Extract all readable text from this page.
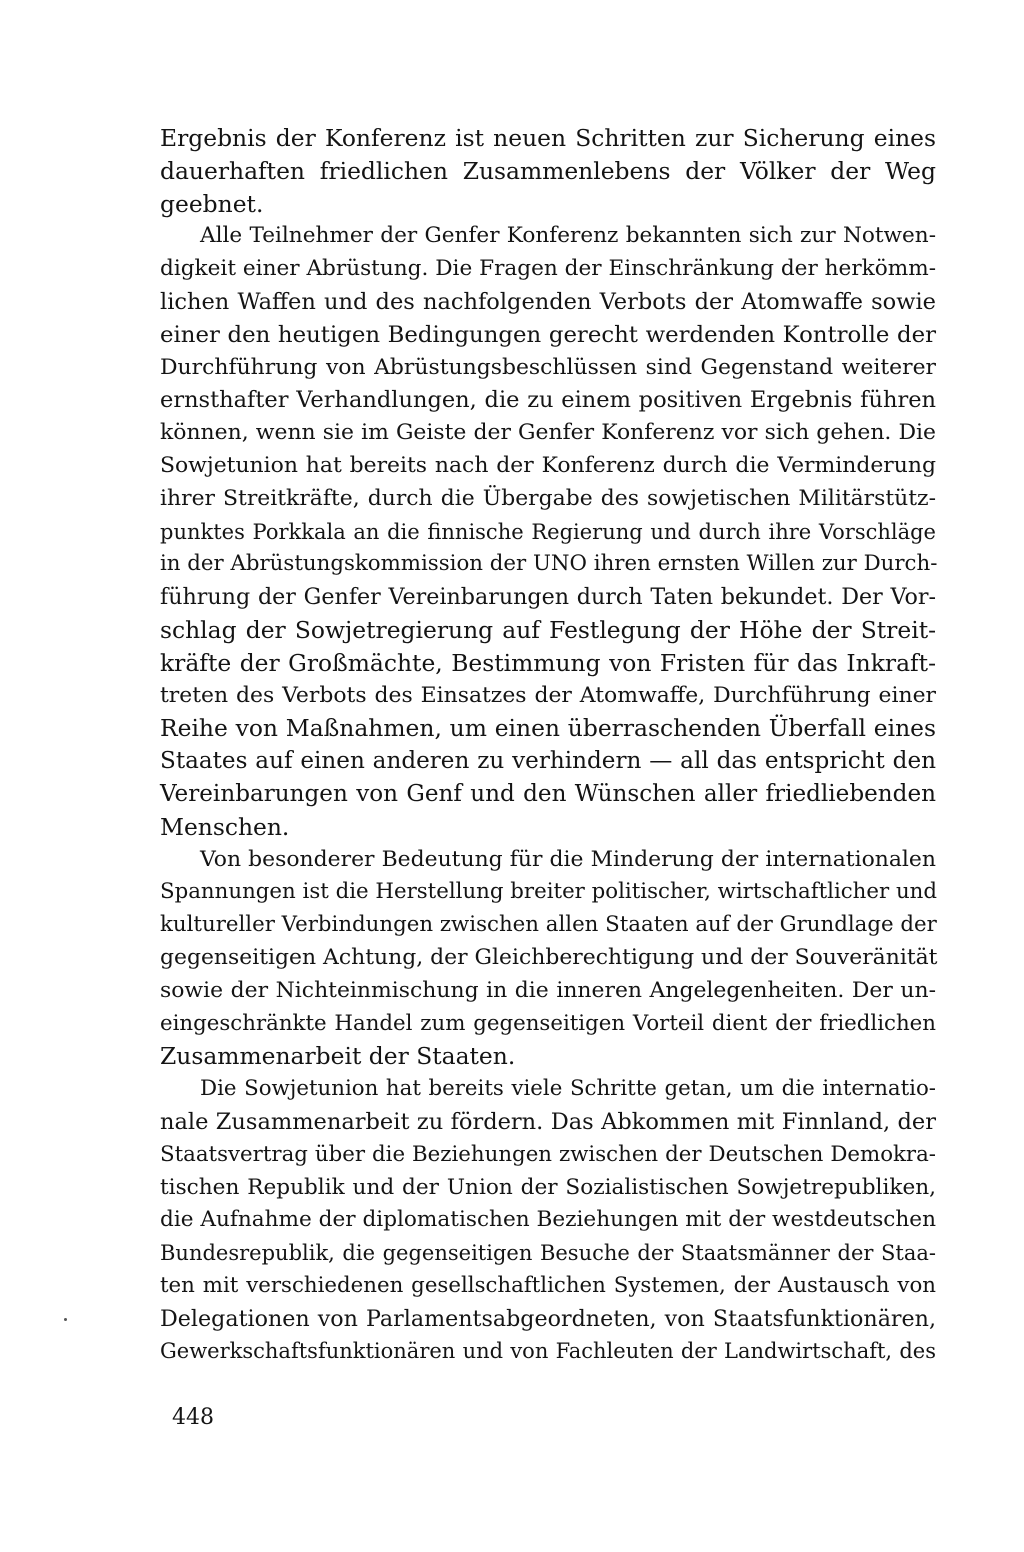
Ergebnis der Konferenz ist neuen Schritten zur Sicherung eines
dauerhaften friedlichen Zusammenlebens der Völker der Weg
geebnet.
Alle Teilnehmer der Genfer Konferenz bekannten sich zur Notwen-
digkeit einer Abrüstung. Die Fragen der Einschränkung der herkömm-
lichen Waffen und des nachfolgenden Verbots der Atomwaffe sowie
einer den heutigen Bedingungen gerecht werdenden Kontrolle der
Durchführung von Abrüstungsbeschlüssen sind Gegenstand weiterer
ernsthafter Verhandlungen, die zu einem positiven Ergebnis führen
können, wenn sie im Geiste der Genfer Konferenz vor sich gehen. Die
Sowjetunion hat bereits nach der Konferenz durch die Verminderung
ihrer Streitkräfte, durch die Übergabe des sowjetischen Militärstütz-
punktes Porkkala an die finnische Regierung und durch ihre Vorschläge
in der Abrüstungskommission der UNO ihren ernsten Willen zur Durch-
führung der Genfer Vereinbarungen durch Taten bekundet. Der Vor-
schlag der Sowjetregierung auf Festlegung der Höhe der Streit-
kräfte der Großmächte, Bestimmung von Fristen für das Inkraft-
treten des Verbots des Einsatzes der Atomwaffe, Durchführung einer
Reihe von Maßnahmen, um einen überraschenden Überfall eines
Staates auf einen anderen zu verhindern — all das entspricht den
Vereinbarungen von Genf und den Wünschen aller friedliebenden
Menschen.
Von besonderer Bedeutung für die Minderung der internationalen
Spannungen ist die Herstellung breiter politischer, wirtschaftlicher und
kultureller Verbindungen zwischen allen Staaten auf der Grundlage der
gegenseitigen Achtung, der Gleichberechtigung und der Souveränität
sowie der Nichteinmischung in die inneren Angelegenheiten. Der un-
eingeschränkte Handel zum gegenseitigen Vorteil dient der friedlichen
Zusammenarbeit der Staaten.
Die Sowjetunion hat bereits viele Schritte getan, um die internatio-
nale Zusammenarbeit zu fördern. Das Abkommen mit Finnland, der
Staatsvertrag über die Beziehungen zwischen der Deutschen Demokra-
tischen Republik und der Union der Sozialistischen Sowjetrepubliken,
die Aufnahme der diplomatischen Beziehungen mit der westdeutschen
Bundesrepublik, die gegenseitigen Besuche der Staatsmänner der Staa-
ten mit verschiedenen gesellschaftlichen Systemen, der Austausch von
Delegationen von Parlamentsabgeordneten, von Staatsfunktionären,
Gewerkschaftsfunktionären und von Fachleuten der Landwirtschaft, des
448
